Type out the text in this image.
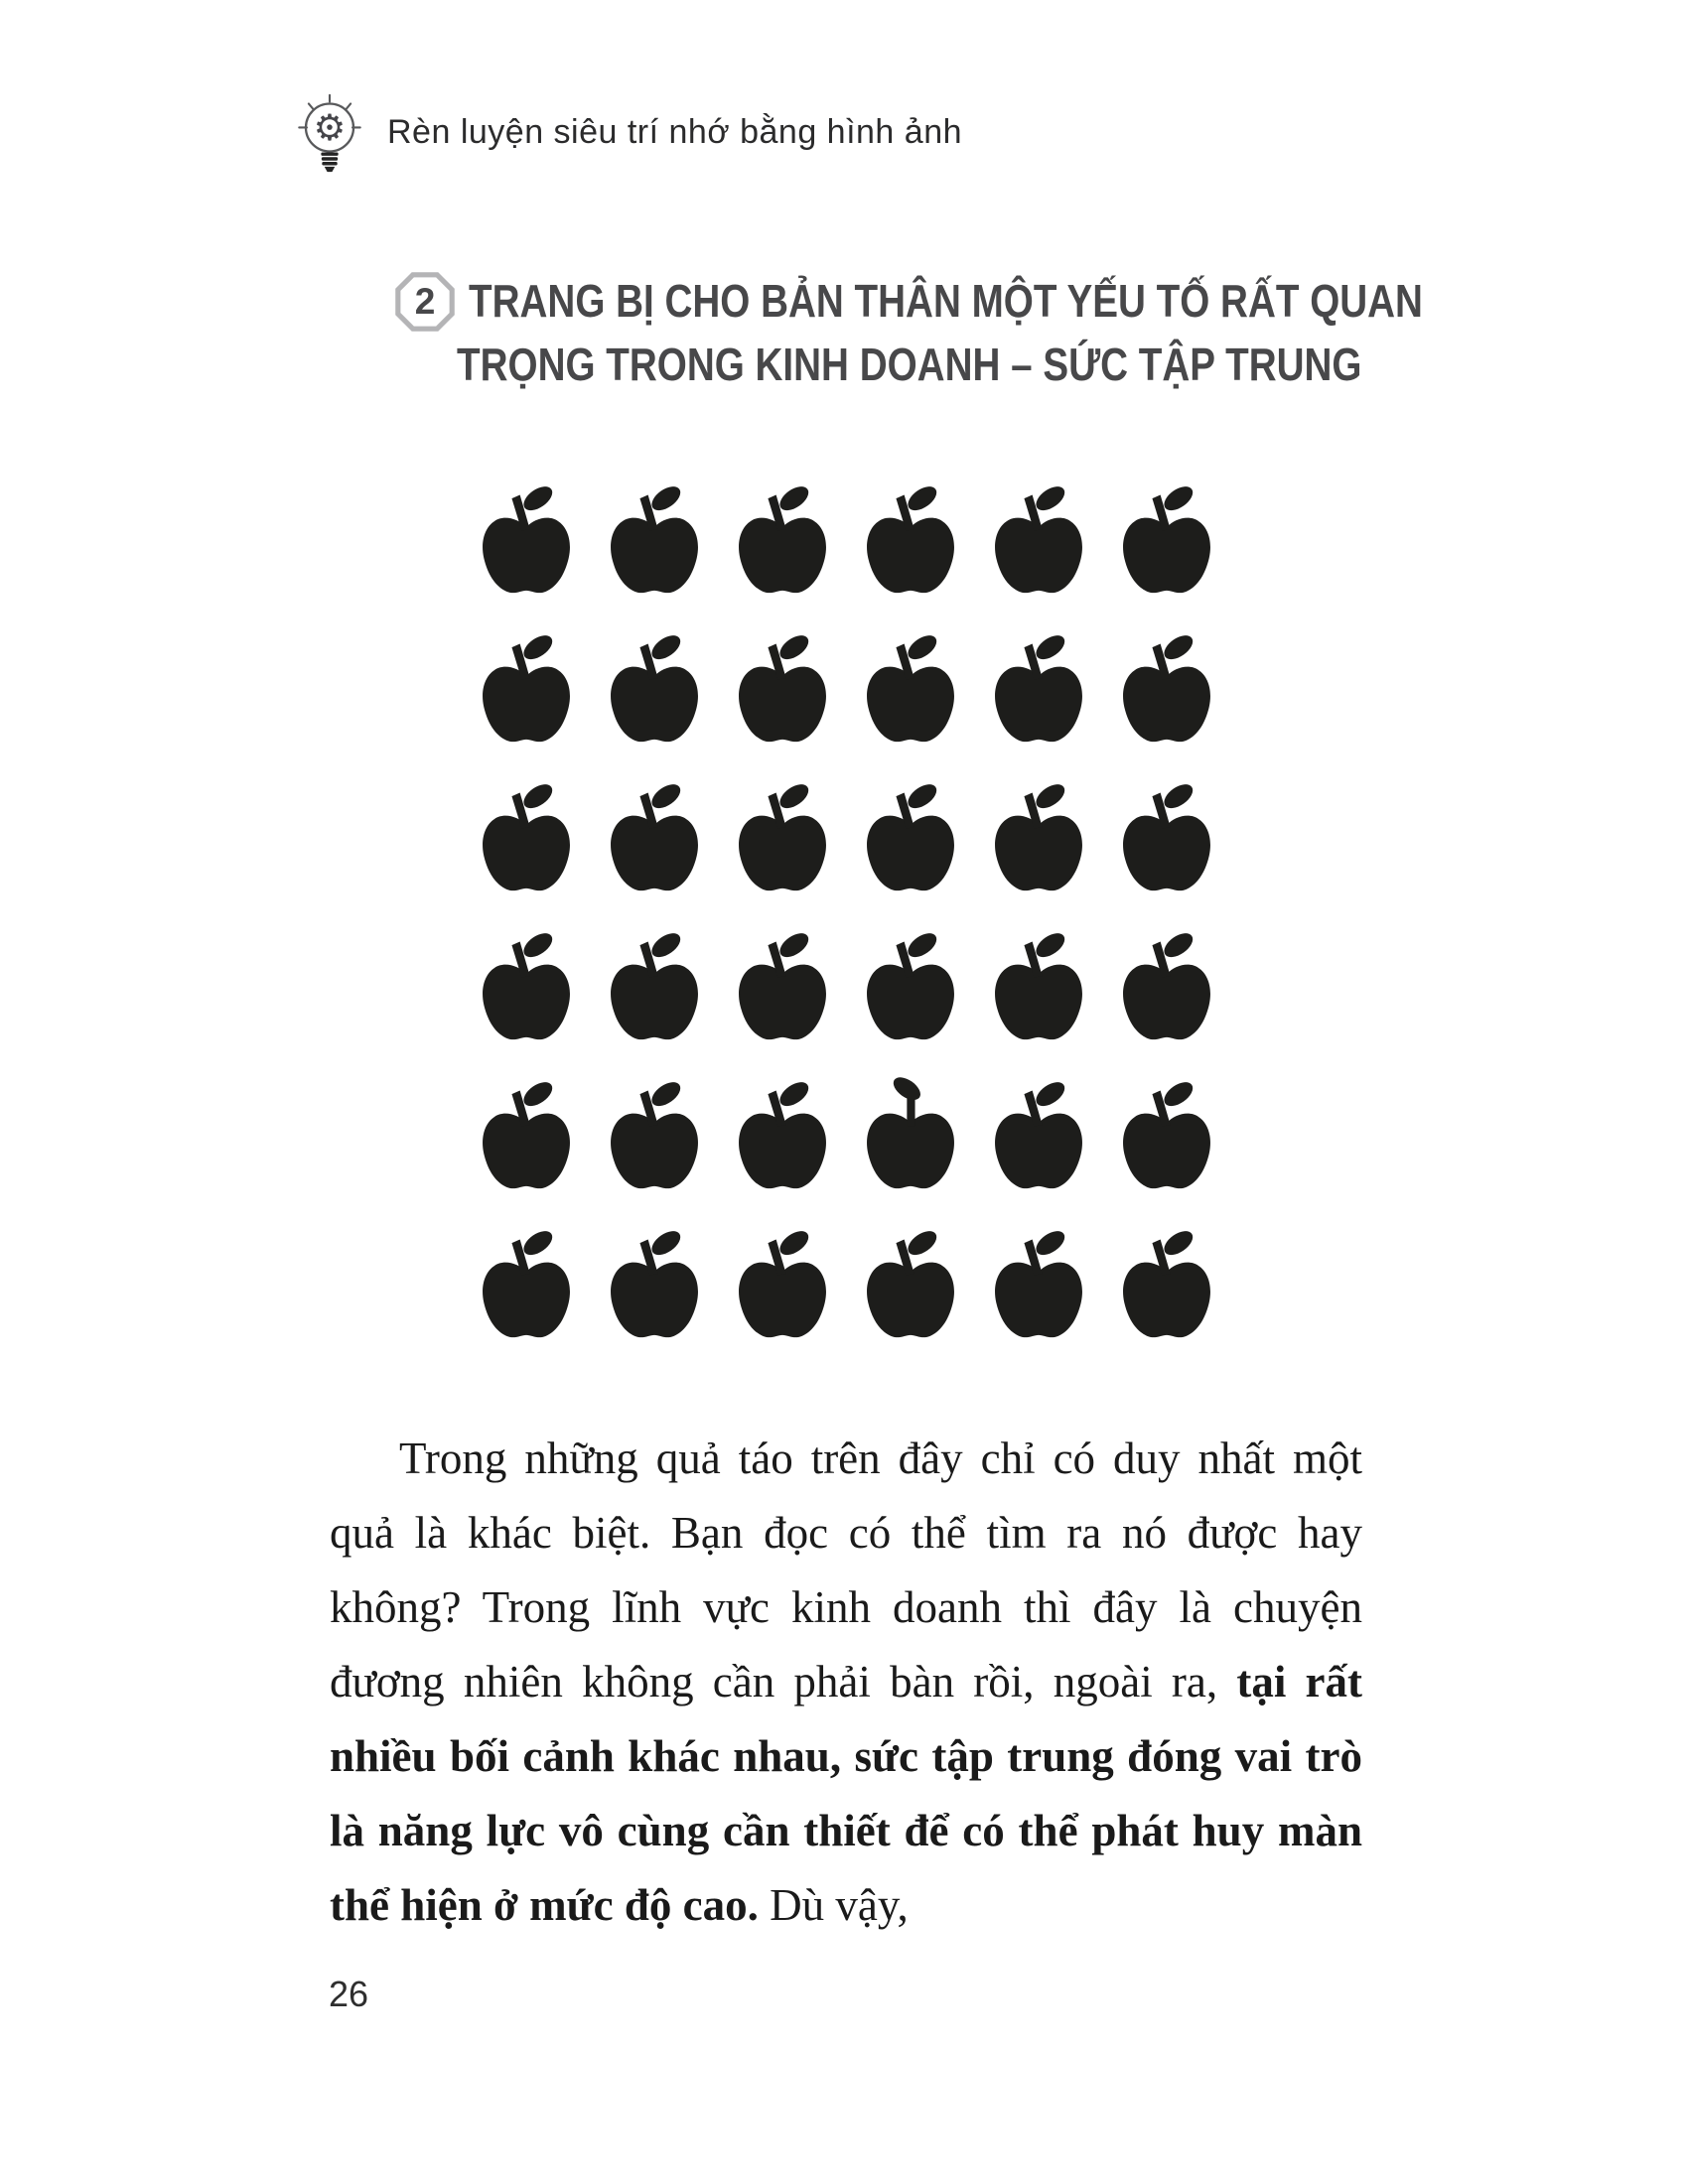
⚙ Rèn luyện siêu trí nhớ bằng hình ảnh
2 TRANG BỊ CHO BẢN THÂN MỘT YẾU TỐ RẤT QUAN
TRỌNG TRONG KINH DOANH – SỨC TẬP TRUNG

Trong những quả táo trên đây chỉ có duy nhất một quả là khác biệt. Bạn đọc có thể tìm ra nó được hay không? Trong lĩnh vực kinh doanh thì đây là chuyện đương nhiên không cần phải bàn rồi, ngoài ra, tại rất nhiều bối cảnh khác nhau, sức tập trung đóng vai trò là năng lực vô cùng cần thiết để có thể phát huy màn thể hiện ở mức độ cao. Dù vậy,

26
